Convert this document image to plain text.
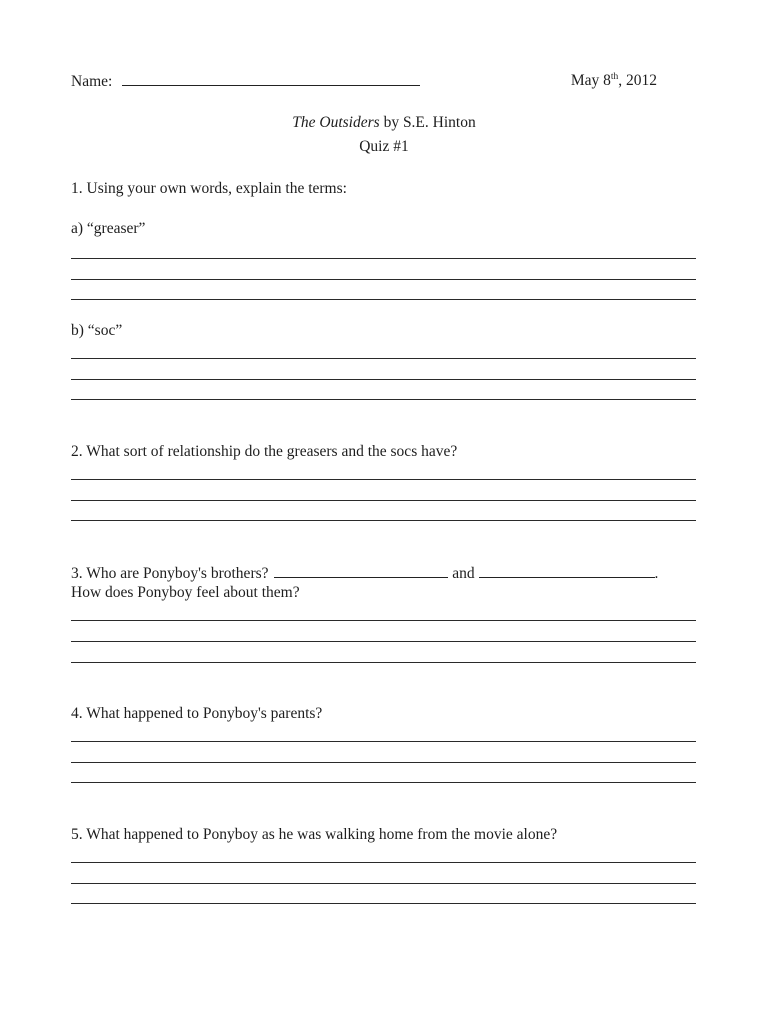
Name:	May 8th, 2012
The Outsiders by S.E. Hinton
Quiz #1
1. Using your own words, explain the terms:
a) “greaser”
b) “soc”
2. What sort of relationship do the greasers and the socs have?
3. Who are Ponyboy's brothers?	and	.
How does Ponyboy feel about them?
4. What happened to Ponyboy's parents?
5. What happened to Ponyboy as he was walking home from the movie alone?
